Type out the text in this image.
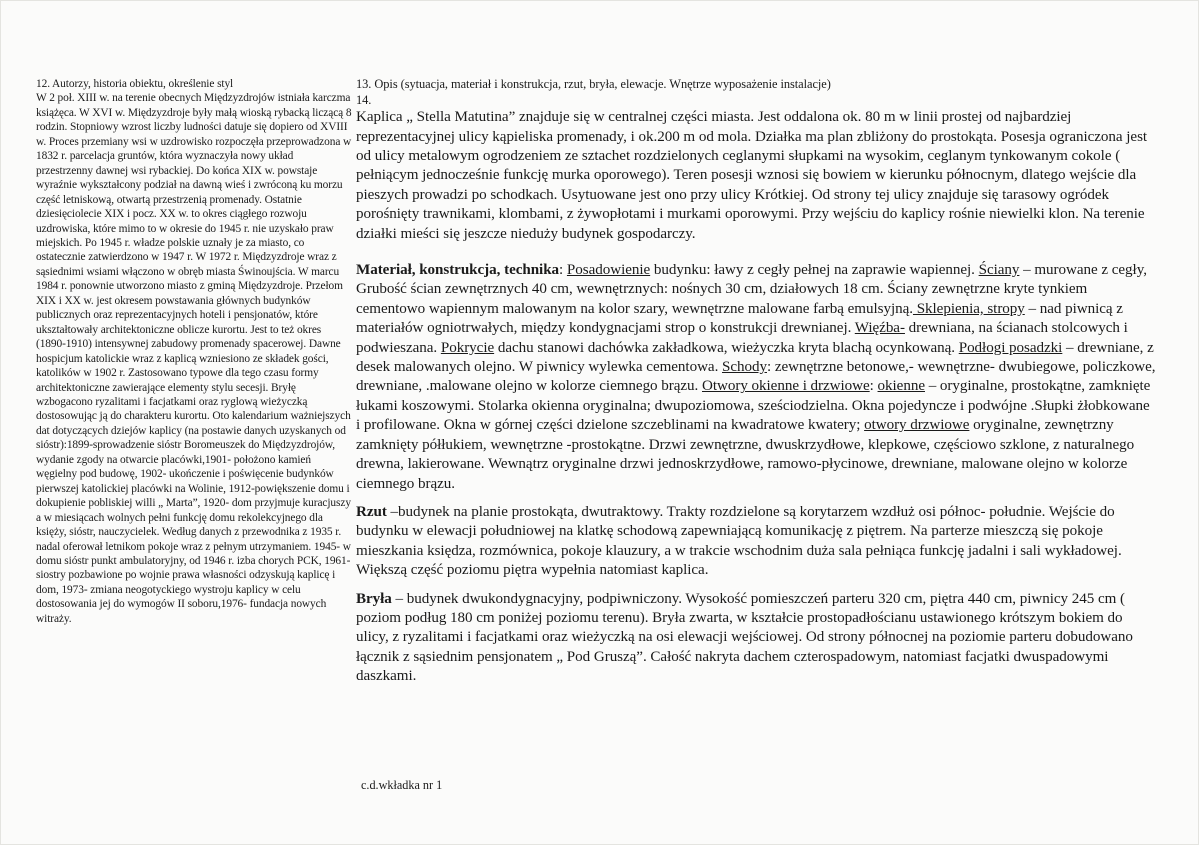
12. Autorzy, historia obiektu, określenie styl

W 2 poł. XIII w. na terenie obecnych Międzyzdrojów istniała karczma książęca. W XVI w. Międzyzdroje były małą wioską rybacką liczącą 8 rodzin. Stopniowy wzrost liczby ludności datuje się dopiero od XVIII w. Proces przemiany wsi w uzdrowisko rozpoczęła przeprowadzona w 1832 r. parcelacja gruntów, która wyznaczyła nowy układ przestrzenny dawnej wsi rybackiej. Do końca XIX w. powstaje wyraźnie wykształcony podział na dawną wieś i zwróconą ku morzu część letniskową, otwartą przestrzenią promenady. Ostatnie dziesięciolecie XIX i pocz. XX w. to okres ciągłego rozwoju uzdrowiska, które mimo to w okresie do 1945 r. nie uzyskało praw miejskich. Po 1945 r. władze polskie uznały je za miasto, co ostatecznie zatwierdzono w 1947 r. W 1972 r. Międzyzdroje wraz z sąsiednimi wsiami włączono w obręb miasta Świnoujścia. W marcu 1984 r. ponownie utworzono miasto z gminą Międzyzdroje. Przełom XIX i XX w. jest okresem powstawania głównych budynków publicznych oraz reprezentacyjnych hoteli i pensjonatów, które ukształtowały architektoniczne oblicze kurortu. Jest to też okres (1890-1910) intensywnej zabudowy promenady spacerowej. Dawne hospicjum katolickie wraz z kaplicą wzniesiono ze składek gości, katolików w 1902 r. Zastosowano typowe dla tego czasu formy architektoniczne zawierające elementy stylu secesji. Bryłę wzbogacono ryzalitami i facjatkami oraz ryglową wieżyczką dostosowując ją do charakteru kurortu. Oto kalendarium ważniejszych dat dotyczących dziejów kaplicy (na postawie danych uzyskanych od sióstr):1899-sprowadzenie sióstr Boromeuszek do Międzyzdrojów, wydanie zgody na otwarcie placówki,1901- położono kamień węgielny pod budowę, 1902- ukończenie i poświęcenie budynków pierwszej katolickiej placówki na Wolinie, 1912-powiększenie domu i dokupienie pobliskiej willi „ Marta”, 1920- dom przyjmuje kuracjuszy a w miesiącach wolnych pełni funkcję domu rekolekcyjnego dla księży, sióstr, nauczycielek. Według danych z przewodnika z 1935 r. nadal oferował letnikom pokoje wraz z pełnym utrzymaniem. 1945- w domu sióstr punkt ambulatoryjny, od 1946 r. izba chorych PCK, 1961- siostry pozbawione po wojnie prawa własności odzyskują kaplicę i dom, 1973- zmiana neogotyckiego wystroju kaplicy w celu dostosowania jej do wymogów II soboru,1976- fundacja nowych witraży.

13. Opis (sytuacja, materiał i konstrukcja, rzut, bryła, elewacje. Wnętrze wyposażenie instalacje)

14.

Kaplica „ Stella Matutina” znajduje się w centralnej części miasta. Jest oddalona ok. 80 m w linii prostej od najbardziej reprezentacyjnej ulicy kąpieliska promenady, i ok.200 m od mola. Działka ma plan zbliżony do prostokąta. Posesja ograniczona jest od ulicy metalowym ogrodzeniem ze sztachet rozdzielonych ceglanymi słupkami na wysokim, ceglanym tynkowanym cokole ( pełniącym jednocześnie funkcję murka oporowego). Teren posesji wznosi się bowiem w kierunku północnym, dlatego wejście dla pieszych prowadzi po schodkach. Usytuowane jest ono przy ulicy Krótkiej. Od strony tej ulicy znajduje się tarasowy ogródek porośnięty trawnikami, klombami, z żywopłotami i murkami oporowymi. Przy wejściu do kaplicy rośnie niewielki klon. Na terenie działki mieści się jeszcze nieduży budynek gospodarczy.

Materiał, konstrukcja, technika: Posadowienie budynku: ławy z cegły pełnej na zaprawie wapiennej. Ściany – murowane z cegły, Grubość ścian zewnętrznych 40 cm, wewnętrznych: nośnych 30 cm, działowych 18 cm. Ściany zewnętrzne kryte tynkiem cementowo wapiennym malowanym na kolor szary, wewnętrzne malowane farbą emulsyjną. Sklepienia, stropy – nad piwnicą z materiałów ogniotrwałych, między kondygnacjami strop o konstrukcji drewnianej. Więźba- drewniana, na ścianach stolcowych i podwieszana. Pokrycie dachu stanowi dachówka zakładkowa, wieżyczka kryta blachą ocynkowaną. Podłogi posadzki – drewniane, z desek malowanych olejno. W piwnicy wylewka cementowa. Schody: zewnętrzne betonowe,- wewnętrzne- dwubiegowe, policzkowe, drewniane, .malowane olejno w kolorze ciemnego brązu. Otwory okienne i drzwiowe: okienne – oryginalne, prostokątne, zamknięte łukami koszowymi. Stolarka okienna oryginalna; dwupoziomowa, sześciodzielna. Okna pojedyncze i podwójne .Słupki żłobkowane i profilowane. Okna w górnej części dzielone szczeblinami na kwadratowe kwatery; otwory drzwiowe oryginalne, zewnętrzny zamknięty półłukiem, wewnętrzne -prostokątne. Drzwi zewnętrzne, dwuskrzydłowe, klepkowe, częściowo szklone, z naturalnego drewna, lakierowane. Wewnątrz oryginalne drzwi jednoskrzydłowe, ramowo-płycinowe, drewniane, malowane olejno w kolorze ciemnego brązu.

Rzut –budynek na planie prostokąta, dwutraktowy. Trakty rozdzielone są korytarzem wzdłuż osi północ- południe. Wejście do budynku w elewacji południowej na klatkę schodową zapewniającą komunikację z piętrem. Na parterze mieszczą się pokoje mieszkania księdza, rozmównica, pokoje klauzury, a w trakcie wschodnim duża sala pełniąca funkcję jadalni i sali wykładowej. Większą część poziomu piętra wypełnia natomiast kaplica.

Bryła – budynek dwukondygnacyjny, podpiwniczony. Wysokość pomieszczeń parteru 320 cm, piętra 440 cm, piwnicy 245 cm ( poziom podług 180 cm poniżej poziomu terenu). Bryła zwarta, w kształcie prostopadłościanu ustawionego krótszym bokiem do ulicy, z ryzalitami i facjatkami oraz wieżyczką na osi elewacji wejściowej. Od strony północnej na poziomie parteru dobudowano łącznik z sąsiednim pensjonatem „ Pod Gruszą”. Całość nakryta dachem czterospadowym, natomiast facjatki dwuspadowymi daszkami.

c.d.wkładka nr 1
